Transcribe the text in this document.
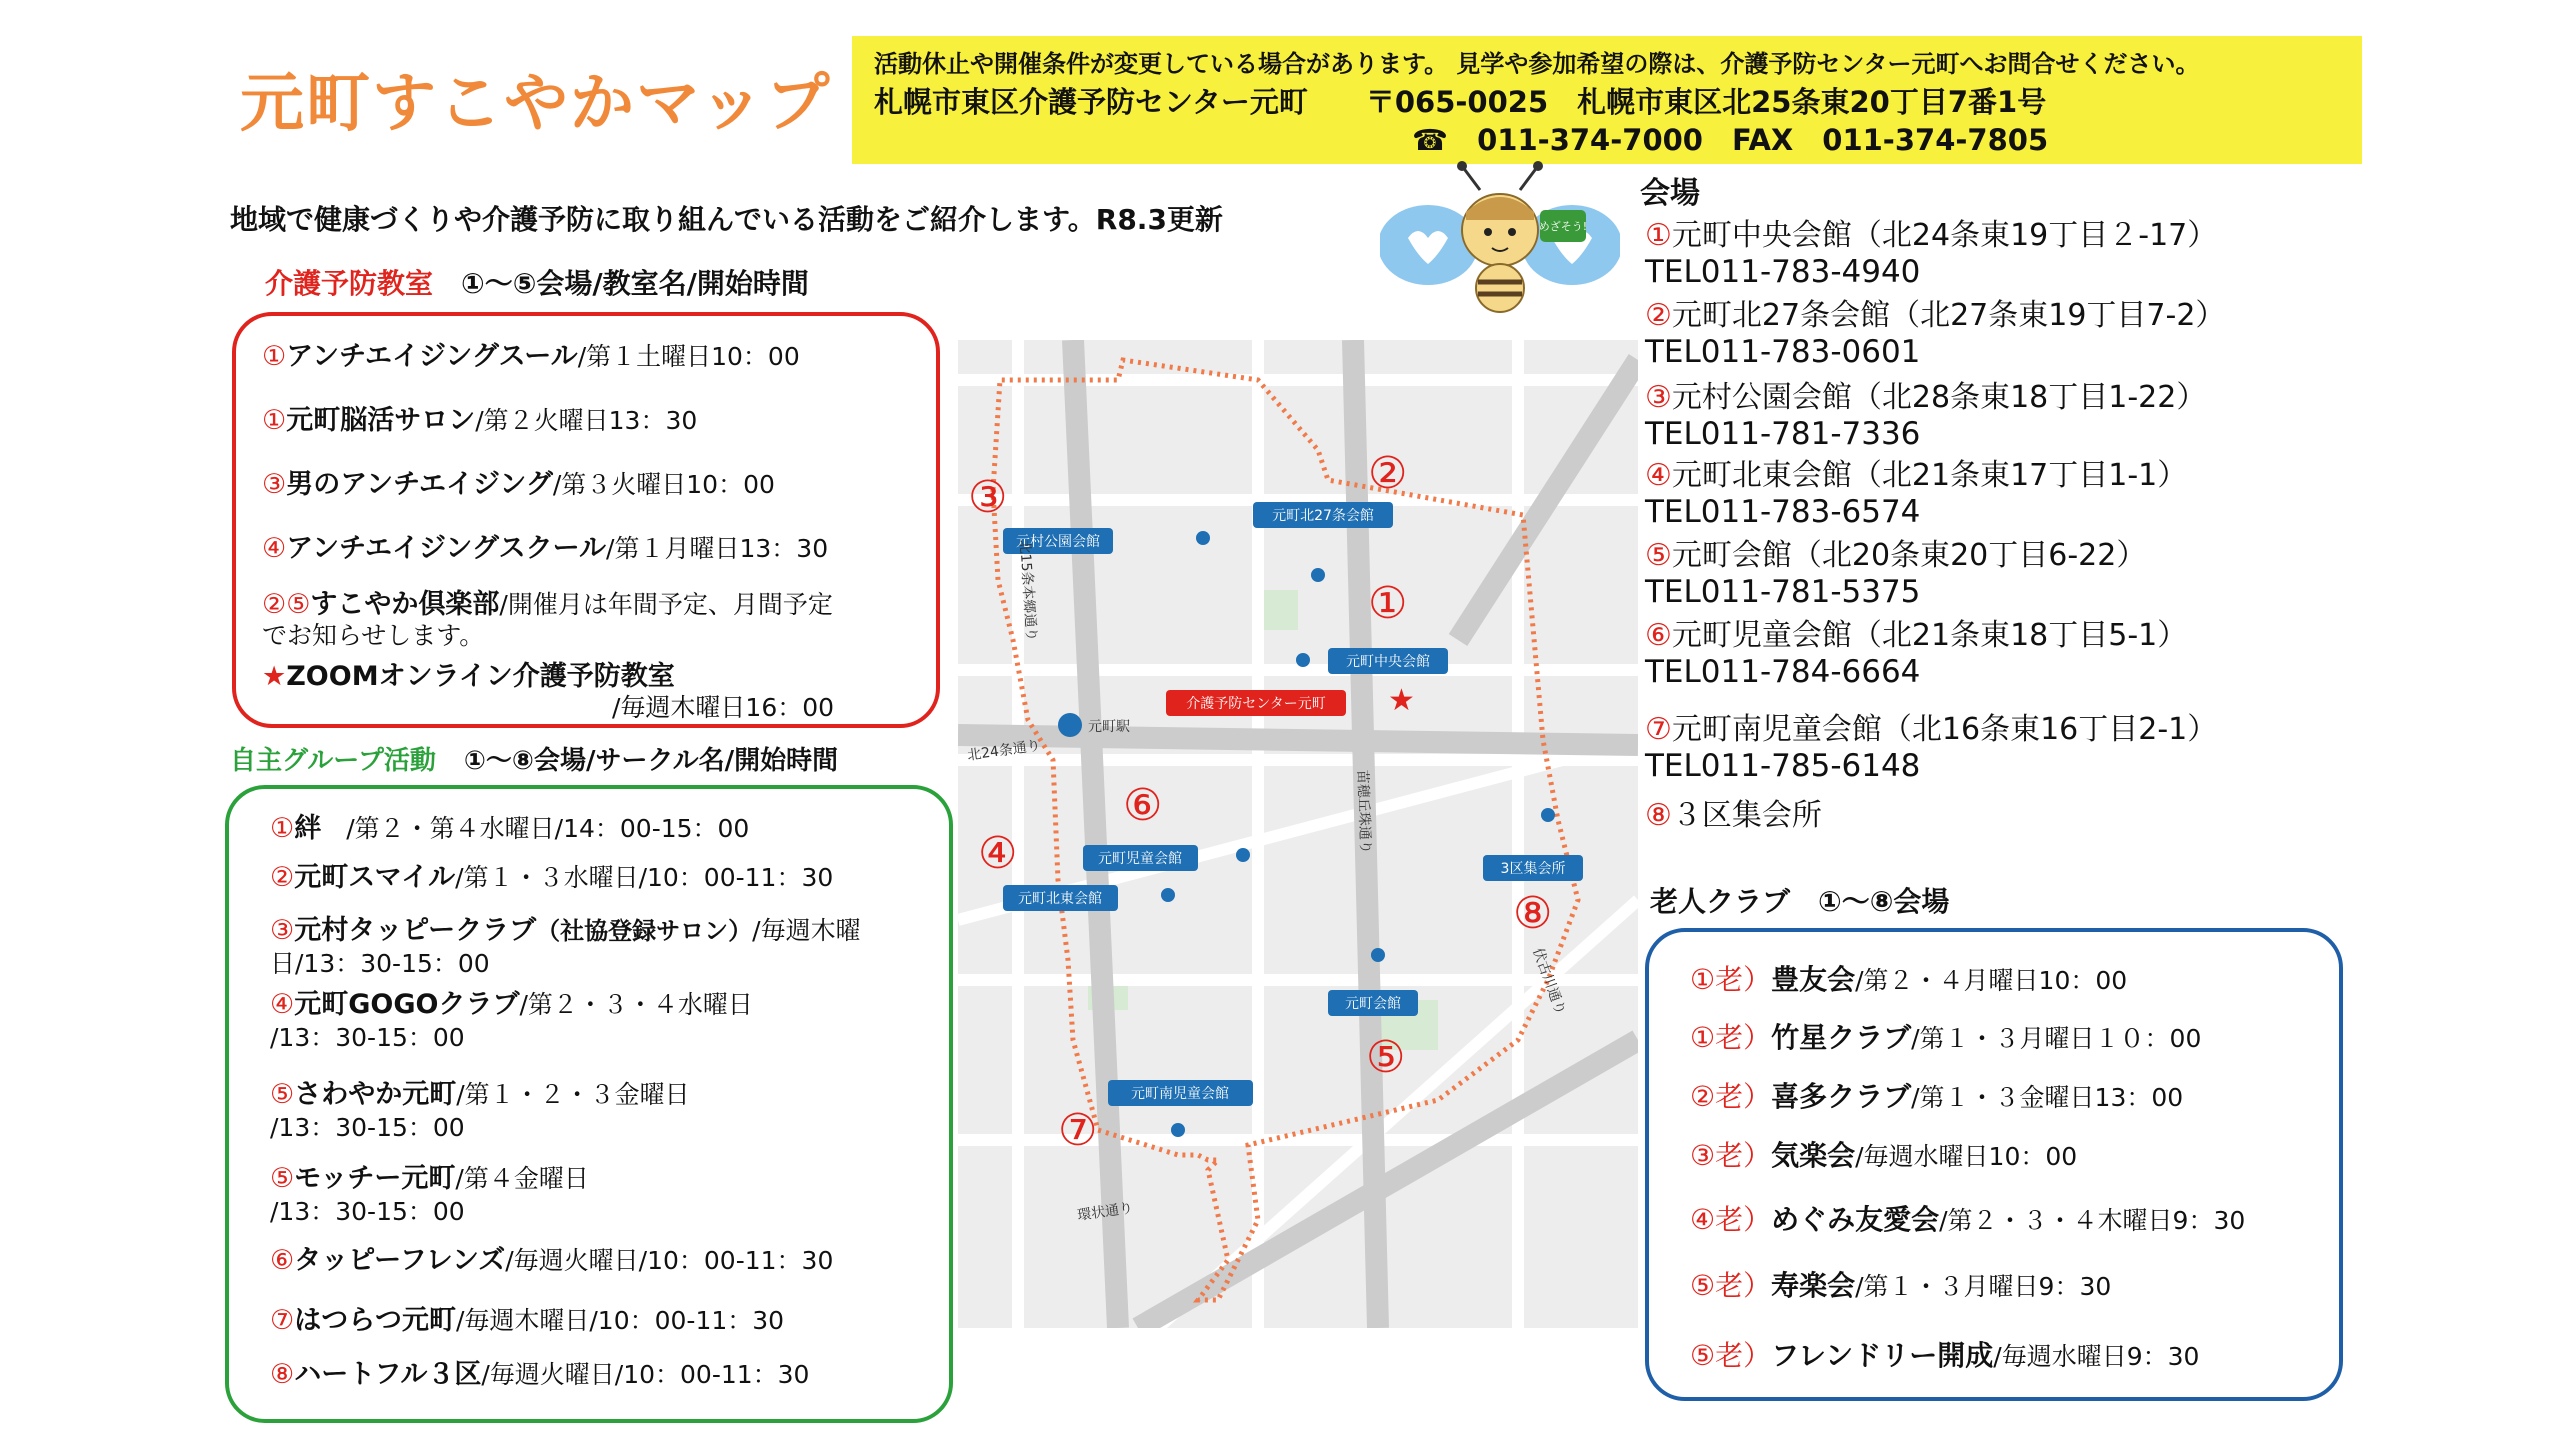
元町すこやかマップ
活動休止や開催条件が変更している場合があります。 見学や参加希望の際は、介護予防センター元町へお問合せください。
札幌市東区介護予防センター元町　　〒065-0025　札幌市東区北25条東20丁目7番1号
☎　011-374-7000　FAX　011-374-7805
地域で健康づくりや介護予防に取り組んでいる活動をご紹介します。R8.3更新	めざそう!
介護予防教室 ①〜⑤会場/教室名/開始時間
①アンチエイジングスール/第１土曜日10：00
①元町脳活サロン/第２火曜日13：30
③男のアンチエイジング/第３火曜日10：00
④アンチエイジングスクール/第１月曜日13：30
②⑤すこやか倶楽部/開催月は年間予定、月間予定
でお知らせします。
★ZOOMオンライン介護予防教室
/毎週木曜日16：00
自主グループ活動 ①〜⑧会場/サークル名/開始時間
①絆　/第２・第４水曜日/14：00-15：00
②元町スマイル/第１・３水曜日/10：00-11：30
③元村タッピークラブ（社協登録サロン）/毎週木曜
日/13：30-15：00
④元町GOGOクラブ/第２・３・４水曜日
/13：30-15：00
⑤さわやか元町/第１・２・３金曜日
/13：30-15：00
⑤モッチー元町/第４金曜日
/13：30-15：00
⑥タッピーフレンズ/毎週火曜日/10：00-11：30
⑦はつらつ元町/毎週木曜日/10：00-11：30
⑧ハートフル３区/毎週火曜日/10：00-11：30
元村公園会館
元町北27条会館
元町中央会館
介護予防センター元町
元町児童会館
元町北東会館
3区集会所
元町会館
元町南児童会館
★
元町駅
北24条通り
北15条本郷通り
環状通り
苗穂丘珠通り
伏古川通り
③	②
①
⑥
④
⑧
⑤
⑦
会場
①元町中央会館（北24条東19丁目２-17）
TEL011-783-4940
②元町北27条会館（北27条東19丁目7-2）
TEL011-783-0601
③元村公園会館（北28条東18丁目1-22）
TEL011-781-7336
④元町北東会館（北21条東17丁目1-1）
TEL011-783-6574
⑤元町会館（北20条東20丁目6-22）
TEL011-781-5375
⑥元町児童会館（北21条東18丁目5-1）
TEL011-784-6664
⑦元町南児童会館（北16条東16丁目2-1）
TEL011-785-6148
⑧３区集会所
老人クラブ ①〜⑧会場
①老）豊友会/第２・４月曜日10：00
①老）竹星クラブ/第１・３月曜日１０：00
②老）喜多クラブ/第１・３金曜日13：00
③老）気楽会/毎週水曜日10：00
④老）めぐみ友愛会/第２・３・４木曜日9：30
⑤老）寿楽会/第１・３月曜日9：30
⑤老）フレンドリー開成/毎週水曜日9：30
